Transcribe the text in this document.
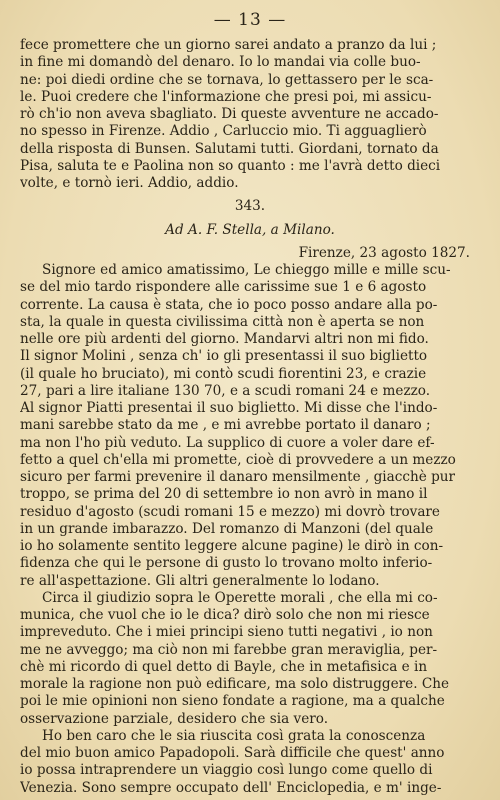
— 13 —
fece promettere che un giorno sarei andato a pranzo da lui ;
in fine mi domandò del denaro. Io lo mandai via colle buo-
ne: poi diedi ordine che se tornava, lo gettassero per le sca-
le. Puoi credere che l'informazione che presi poi, mi assicu-
rò ch'io non aveva sbagliato. Di queste avventure ne accado-
no spesso in Firenze. Addio , Carluccio mio. Ti agguaglierò
della risposta di Bunsen. Salutami tutti. Giordani, tornato da
Pisa, saluta te e Paolina non so quanto : me l'avrà detto dieci
volte, e tornò ieri. Addio, addio.
343.
Ad A. F. Stella, a Milano.
Firenze, 23 agosto 1827.
Signore ed amico amatissimo, Le chieggo mille e mille scu-
se del mio tardo rispondere alle carissime sue 1 e 6 agosto
corrente. La causa è stata, che io poco posso andare alla po-
sta, la quale in questa civilissima città non è aperta se non
nelle ore più ardenti del giorno. Mandarvi altri non mi fido.
Il signor Molini , senza ch' io gli presentassi il suo biglietto
(il quale ho bruciato), mi contò scudi fiorentini 23, e crazie
27, pari a lire italiane 130 70, e a scudi romani 24 e mezzo.
Al signor Piatti presentai il suo biglietto. Mi disse che l'indo-
mani sarebbe stato da me , e mi avrebbe portato il danaro ;
ma non l'ho più veduto. La supplico di cuore a voler dare ef-
fetto a quel ch'ella mi promette, cioè di provvedere a un mezzo
sicuro per farmi prevenire il danaro mensilmente , giacchè pur
troppo, se prima del 20 di settembre io non avrò in mano il
residuo d'agosto (scudi romani 15 e mezzo) mi dovrò trovare
in un grande imbarazzo. Del romanzo di Manzoni (del quale
io ho solamente sentito leggere alcune pagine) le dirò in con-
fidenza che qui le persone di gusto lo trovano molto inferio-
re all'aspettazione. Gli altri generalmente lo lodano.
Circa il giudizio sopra le Operette morali , che ella mi co-
munica, che vuol che io le dica? dirò solo che non mi riesce
impreveduto. Che i miei principi sieno tutti negativi , io non
me ne avveggo; ma ciò non mi farebbe gran meraviglia, per-
chè mi ricordo di quel detto di Bayle, che in metafisica e in
morale la ragione non può edificare, ma solo distruggere. Che
poi le mie opinioni non sieno fondate a ragione, ma a qualche
osservazione parziale, desidero che sia vero.
Ho ben caro che le sia riuscita così grata la conoscenza
del mio buon amico Papadopoli. Sarà difficile che quest' anno
io possa intraprendere un viaggio così lungo come quello di
Venezia. Sono sempre occupato dell' Enciclopedia, e m' inge-
